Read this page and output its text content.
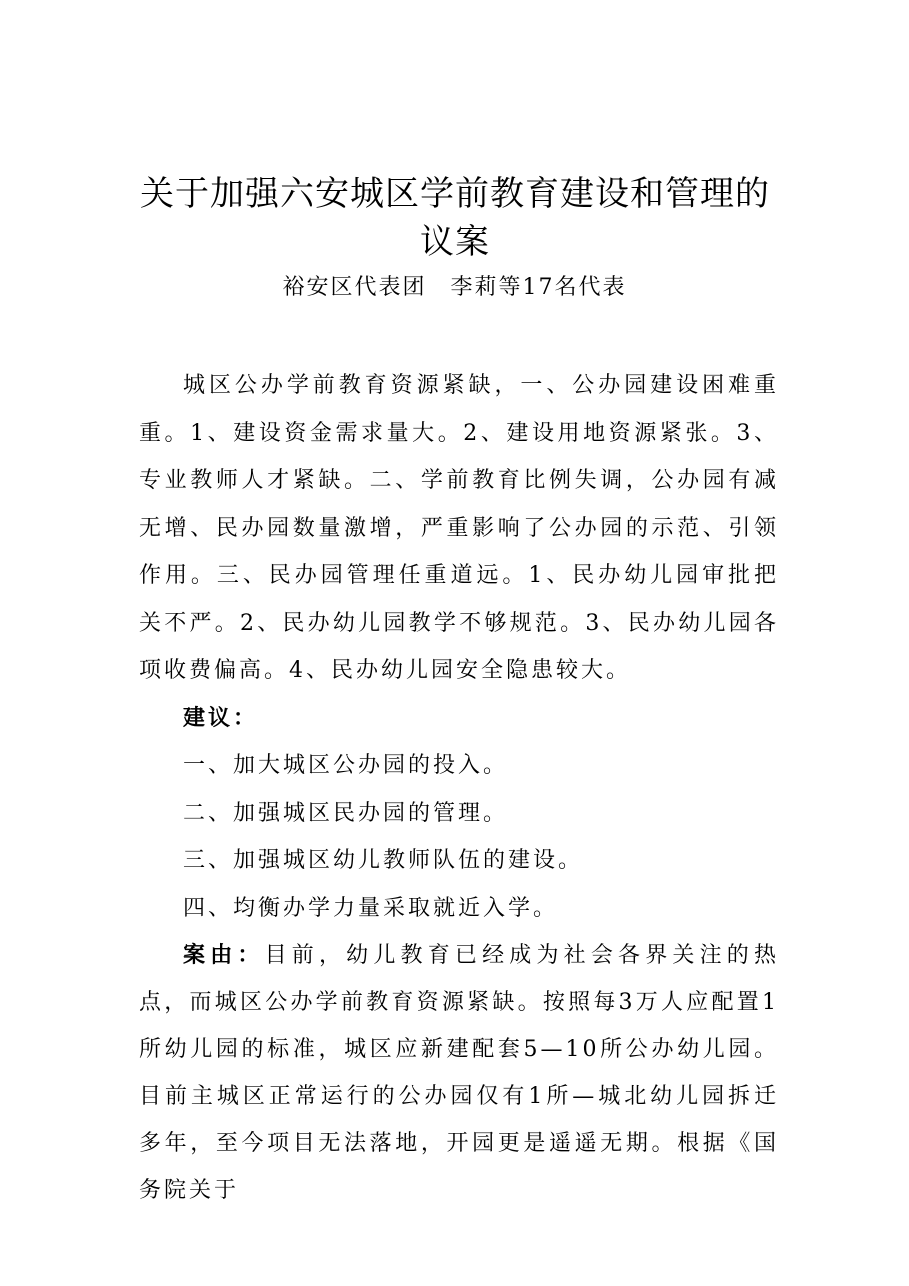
关于加强六安城区学前教育建设和管理的
议案
裕安区代表团　李莉等17名代表

城区公办学前教育资源紧缺，一、公办园建设困难重重。1、建设资金需求量大。2、建设用地资源紧张。3、专业教师人才紧缺。二、学前教育比例失调，公办园有减无增、民办园数量激增，严重影响了公办园的示范、引领作用。三、民办园管理任重道远。1、民办幼儿园审批把关不严。2、民办幼儿园教学不够规范。3、民办幼儿园各项收费偏高。4、民办幼儿园安全隐患较大。

建议：

一、加大城区公办园的投入。

二、加强城区民办园的管理。

三、加强城区幼儿教师队伍的建设。

四、均衡办学力量采取就近入学。

案由：目前，幼儿教育已经成为社会各界关注的热点，而城区公办学前教育资源紧缺。按照每3万人应配置1所幼儿园的标准，城区应新建配套5—10所公办幼儿园。目前主城区正常运行的公办园仅有1所—城北幼儿园拆迁多年，至今项目无法落地，开园更是遥遥无期。根据《国务院关于
